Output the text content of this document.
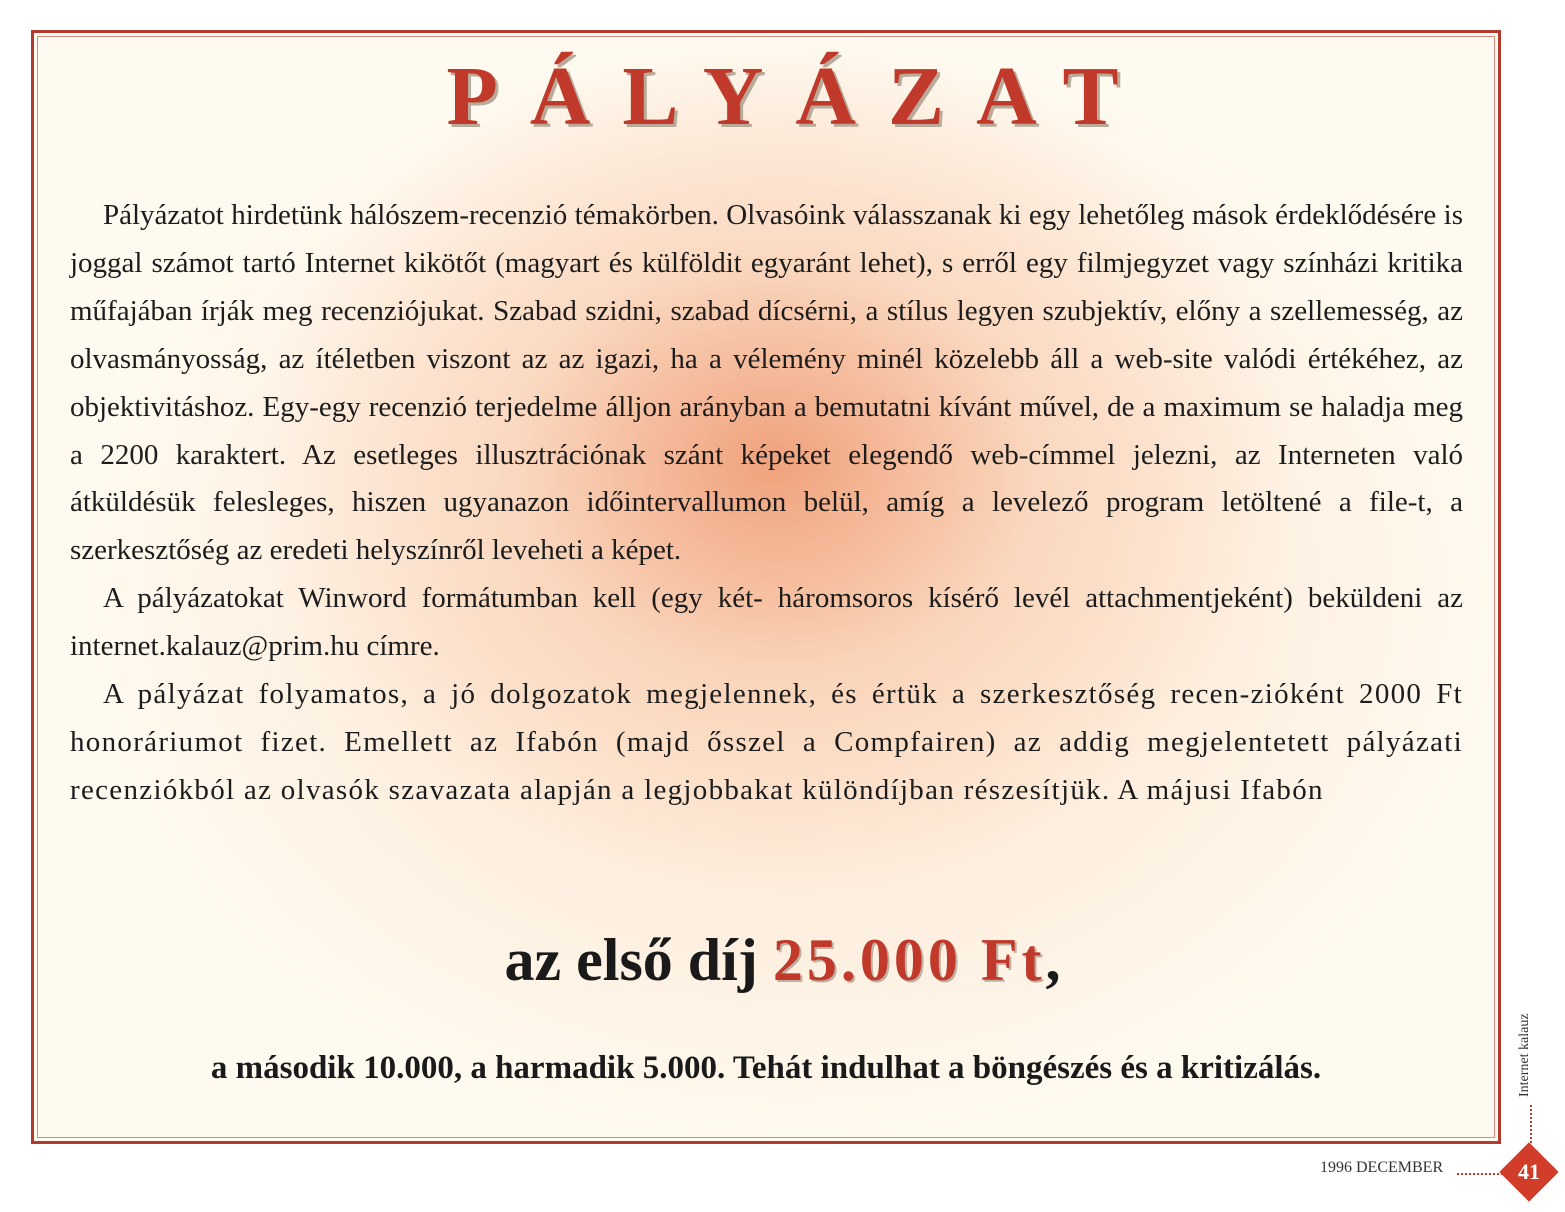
PÁLYÁZAT

Pályázatot hirdetünk hálószem-recenzió témakörben. Olvasóink válasszanak ki egy lehetőleg mások érdeklődésére is joggal számot tartó Internet kikötőt (magyart és külföldit egyaránt lehet), s erről egy filmjegyzet vagy színházi kritika műfajában írják meg recenziójukat. Szabad szidni, szabad dícsérni, a stílus legyen szubjektív, előny a szellemesség, az olvasmányosság, az ítéletben viszont az az igazi, ha a vélemény minél közelebb áll a web-site valódi értékéhez, az objektivitáshoz. Egy-egy recenzió terjedelme álljon arányban a bemutatni kívánt művel, de a maximum se haladja meg a 2200 karaktert. Az esetleges illusztrációnak szánt képeket elegendő web-címmel jelezni, az Interneten való átküldésük felesleges, hiszen ugyanazon időintervallumon belül, amíg a levelező program letöltené a file-t, a szerkesztőség az eredeti helyszínről leveheti a képet.

A pályázatokat Winword formátumban kell (egy két- háromsoros kísérő levél attachmentjeként) beküldeni az internet.kalauz@prim.hu címre.

A pályázat folyamatos, a jó dolgozatok megjelennek, és értük a szerkesztőség recen-zióként 2000 Ft honoráriumot fizet. Emellett az Ifabón (majd ősszel a Compfairen) az addig megjelentetett pályázati recenziókból az olvasók szavazata alapján a legjobbakat különdíjban részesítjük. A májusi Ifabón

az első díj 25.000 Ft,

a második 10.000, a harmadik 5.000. Tehát indulhat a böngészés és a kritizálás.	Internet kalauz
1996 DECEMBER	41
